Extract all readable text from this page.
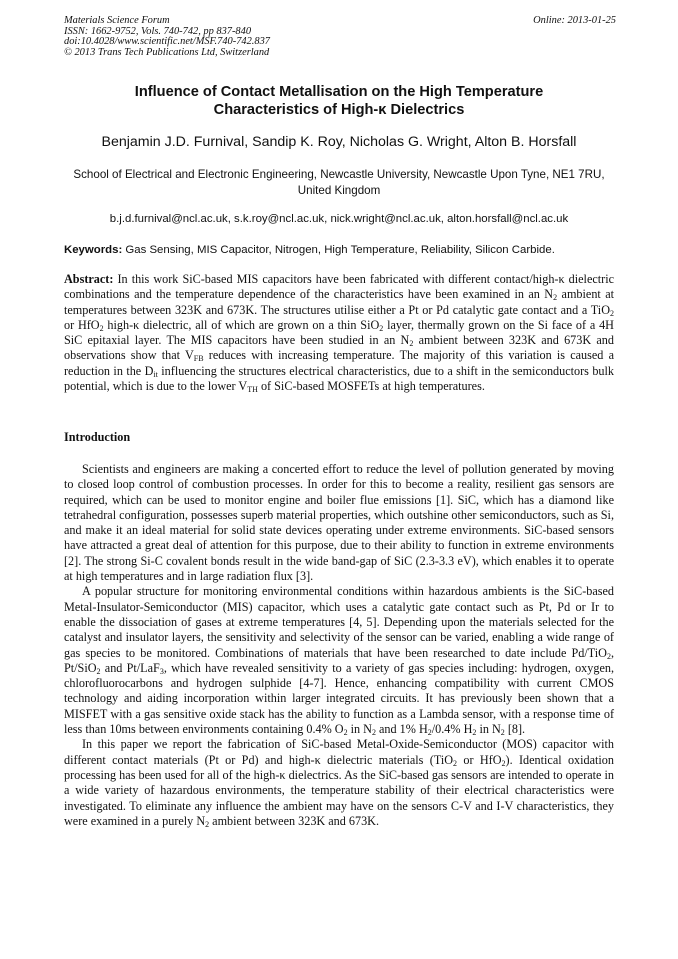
Materials Science Forum
ISSN: 1662-9752, Vols. 740-742, pp 837-840
doi:10.4028/www.scientific.net/MSF.740-742.837
© 2013 Trans Tech Publications Ltd, Switzerland
Online: 2013-01-25
Influence of Contact Metallisation on the High Temperature
Characteristics of High-κ Dielectrics
Benjamin J.D. Furnival, Sandip K. Roy, Nicholas G. Wright, Alton B. Horsfall
School of Electrical and Electronic Engineering, Newcastle University, Newcastle Upon Tyne, NE1 7RU, United Kingdom
b.j.d.furnival@ncl.ac.uk, s.k.roy@ncl.ac.uk, nick.wright@ncl.ac.uk, alton.horsfall@ncl.ac.uk
Keywords: Gas Sensing, MIS Capacitor, Nitrogen, High Temperature, Reliability, Silicon Carbide.

Abstract: In this work SiC-based MIS capacitors have been fabricated with different contact/high-κ dielectric combinations and the temperature dependence of the characteristics have been examined in an $N_2$ ambient at temperatures between 323K and 673K. The structures utilise either a Pt or Pd catalytic gate contact and a TiO$_2$ or HfO$_2$ high-κ dielectric, all of which are grown on a thin SiO$_2$ layer, thermally grown on the Si face of a 4H SiC epitaxial layer. The MIS capacitors have been studied in an $N_2$ ambient between 323K and 673K and observations show that $V_{FB}$ reduces with increasing temperature. The majority of this variation is caused a reduction in the $D_{it}$ influencing the structures electrical characteristics, due to a shift in the semiconductors bulk potential, which is due to the lower $V_{TH}$ of SiC-based MOSFETs at high temperatures.

Introduction

Scientists and engineers are making a concerted effort to reduce the level of pollution generated by moving to closed loop control of combustion processes. In order for this to become a reality, resilient gas sensors are required, which can be used to monitor engine and boiler flue emissions [1]. SiC, which has a diamond like tetrahedral configuration, possesses superb material properties, which outshine other semiconductors, such as Si, and make it an ideal material for solid state devices operating under extreme environments. SiC-based sensors have attracted a great deal of attention for this purpose, due to their ability to function in extreme environments [2]. The strong Si-C covalent bonds result in the wide band-gap of SiC (2.3-3.3 eV), which enables it to operate at high temperatures and in large radiation flux [3].

A popular structure for monitoring environmental conditions within hazardous ambients is the SiC-based Metal-Insulator-Semiconductor (MIS) capacitor, which uses a catalytic gate contact such as Pt, Pd or Ir to enable the dissociation of gases at extreme temperatures [4, 5]. Depending upon the materials selected for the catalyst and insulator layers, the sensitivity and selectivity of the sensor can be varied, enabling a wide range of gas species to be monitored. Combinations of materials that have been researched to date include Pd/TiO$_2$, Pt/SiO$_2$ and Pt/LaF$_3$, which have revealed sensitivity to a variety of gas species including: hydrogen, oxygen, chlorofluorocarbons and hydrogen sulphide [4-7]. Hence, enhancing compatibility with current CMOS technology and aiding incorporation within larger integrated circuits. It has previously been shown that a MISFET with a gas sensitive oxide stack has the ability to function as a Lambda sensor, with a response time of less than 10ms between environments containing 0.4% $O_2$ in $N_2$ and 1% $H_2/0.4\%$ $H_2$ in $N_2$ [8].

In this paper we report the fabrication of SiC-based Metal-Oxide-Semiconductor (MOS) capacitor with different contact materials (Pt or Pd) and high-κ dielectric materials (TiO$_2$ or HfO$_2$). Identical oxidation processing has been used for all of the high-κ dielectrics. As the SiC-based gas sensors are intended to operate in a wide variety of hazardous environments, the temperature stability of their electrical characteristics were investigated. To eliminate any influence the ambient may have on the sensors C-V and I-V characteristics, they were examined in a purely $N_2$ ambient between 323K and 673K.
